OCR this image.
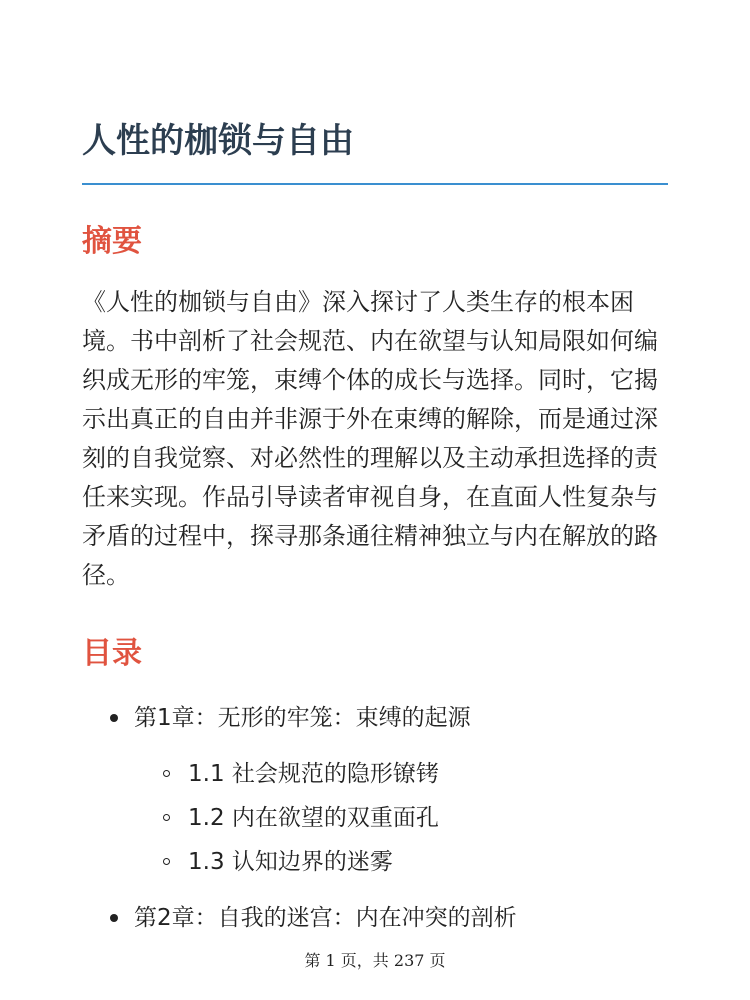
人性的枷锁与自由
摘要

《人性的枷锁与自由》深入探讨了人类生存的根本困境。书中剖析了社会规范、内在欲望与认知局限如何编织成无形的牢笼，束缚个体的成长与选择。同时，它揭示出真正的自由并非源于外在束缚的解除，而是通过深刻的自我觉察、对必然性的理解以及主动承担选择的责任来实现。作品引导读者审视自身，在直面人性复杂与矛盾的过程中，探寻那条通往精神独立与内在解放的路径。

目录
第1章：无形的牢笼：束缚的起源
1.1 社会规范的隐形镣铐
1.2 内在欲望的双重面孔
1.3 认知边界的迷雾
第2章：自我的迷宫：内在冲突的剖析
第 1 页，共 237 页
